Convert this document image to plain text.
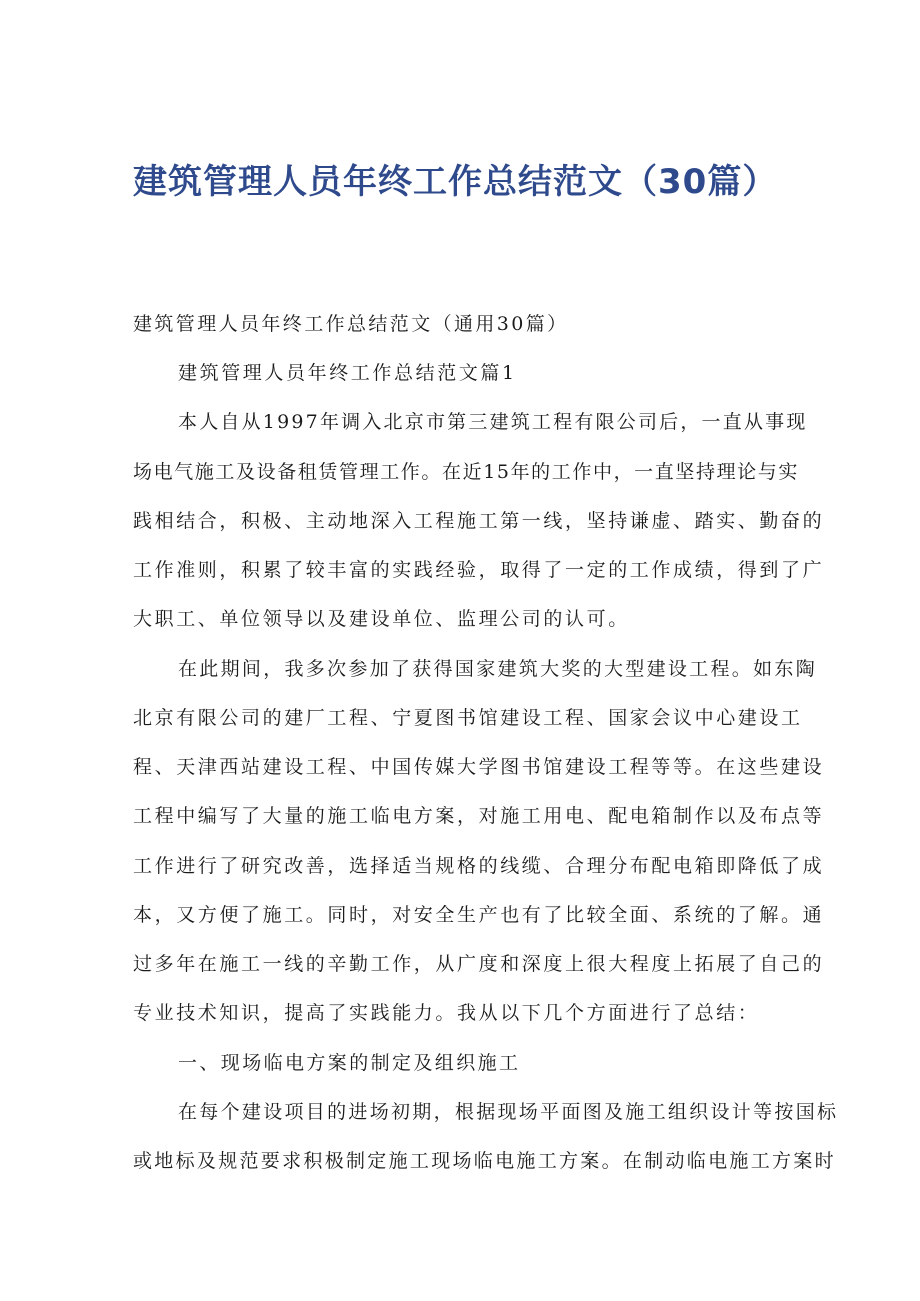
建筑管理人员年终工作总结范文（30篇）
建筑管理人员年终工作总结范文（通用30篇）
建筑管理人员年终工作总结范文篇1
本人自从1997年调入北京市第三建筑工程有限公司后，一直从事现
场电气施工及设备租赁管理工作。在近15年的工作中，一直坚持理论与实
践相结合，积极、主动地深入工程施工第一线，坚持谦虚、踏实、勤奋的
工作准则，积累了较丰富的实践经验，取得了一定的工作成绩，得到了广
大职工、单位领导以及建设单位、监理公司的认可。
在此期间，我多次参加了获得国家建筑大奖的大型建设工程。如东陶
北京有限公司的建厂工程、宁夏图书馆建设工程、国家会议中心建设工
程、天津西站建设工程、中国传媒大学图书馆建设工程等等。在这些建设
工程中编写了大量的施工临电方案，对施工用电、配电箱制作以及布点等
工作进行了研究改善，选择适当规格的线缆、合理分布配电箱即降低了成
本，又方便了施工。同时，对安全生产也有了比较全面、系统的了解。通
过多年在施工一线的辛勤工作，从广度和深度上很大程度上拓展了自己的
专业技术知识，提高了实践能力。我从以下几个方面进行了总结：
一、现场临电方案的制定及组织施工
在每个建设项目的进场初期，根据现场平面图及施工组织设计等按国标
或地标及规范要求积极制定施工现场临电施工方案。在制动临电施工方案时
